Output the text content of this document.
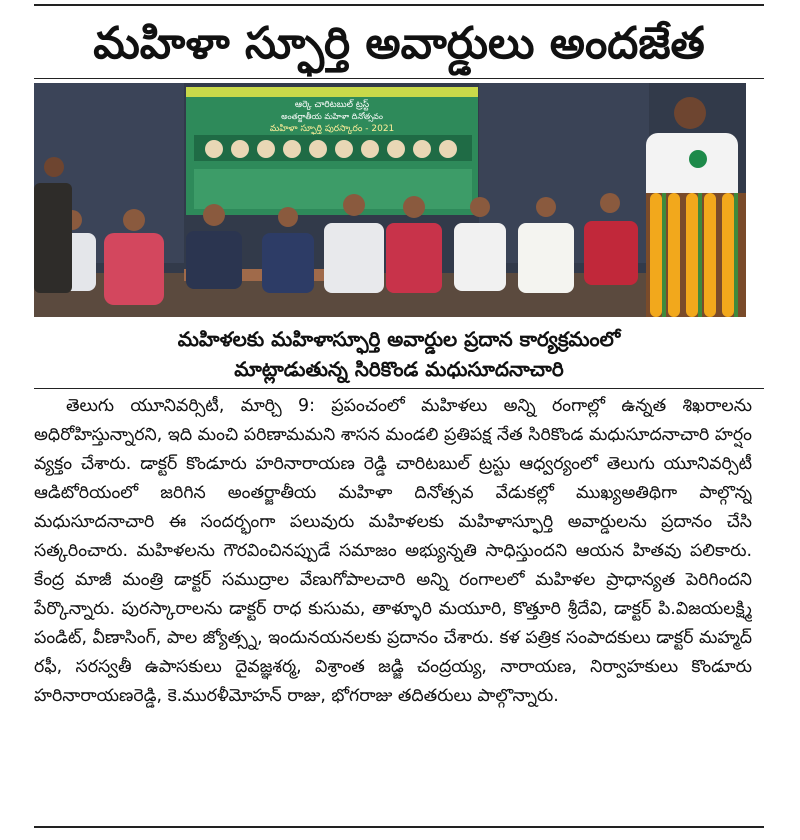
మహిళా స్ఫూర్తి అవార్డులు అందజేత
ఆర్కె చారిటబుల్ ట్రస్ట్
అంతర్జాతీయ మహిళా దినోత్సవం
మహిళా స్ఫూర్తి పురస్కారం - 2021
మహిళలకు మహిళాస్ఫూర్తి అవార్డుల ప్రదాన కార్యక్రమంలో
మాట్లాడుతున్న సిరికొండ మధుసూదనాచారి

తెలుగు యూనివర్సిటీ, మార్చి 9: ప్రపంచంలో మహిళలు అన్ని రంగాల్లో ఉన్నత శిఖరాలను అధిరోహిస్తున్నారని, ఇది మంచి పరిణామమని శాసన మండలి ప్రతిపక్ష నేత సిరికొండ మధుసూదనాచారి హర్షం వ్యక్తం చేశారు. డాక్టర్ కొండూరు హరినారాయణ రెడ్డి చారిటబుల్ ట్రస్టు ఆధ్వర్యంలో తెలుగు యూనివర్సిటీ ఆడిటోరియంలో జరిగిన అంతర్జాతీయ మహిళా దినోత్సవ వేడుకల్లో ముఖ్యఅతిథిగా పాల్గొన్న మధుసూదనాచారి ఈ సందర్భంగా పలువురు మహిళలకు మహిళాస్ఫూర్తి అవార్డులను ప్రదానం చేసి సత్కరించారు. మహిళలను గౌరవించినప్పుడే సమాజం అభ్యున్నతి సాధిస్తుందని ఆయన హితవు పలికారు. కేంద్ర మాజీ మంత్రి డాక్టర్ సముద్రాల వేణుగోపాలచారి అన్ని రంగాలలో మహిళల ప్రాధాన్యత పెరిగిందని పేర్కొన్నారు. పురస్కారాలను డాక్టర్ రాధ కుసుమ, తాళ్ళూరి మయూరి, కొత్తూరి శ్రీదేవి, డాక్టర్ పి.విజయలక్ష్మి పండిట్, వీణాసింగ్, పాల జ్యోత్స్న, ఇందునయనలకు ప్రదానం చేశారు. కళ పత్రిక సంపాదకులు డాక్టర్ మహ్మద్ రఫీ, సరస్వతీ ఉపాసకులు దైవజ్ఞశర్మ, విశ్రాంత జడ్జి చంద్రయ్య, నారాయణ, నిర్వాహకులు కొండూరు హరినారాయణరెడ్డి, కె.మురళీమోహన్ రాజు, భోగరాజు తదితరులు పాల్గొన్నారు.
